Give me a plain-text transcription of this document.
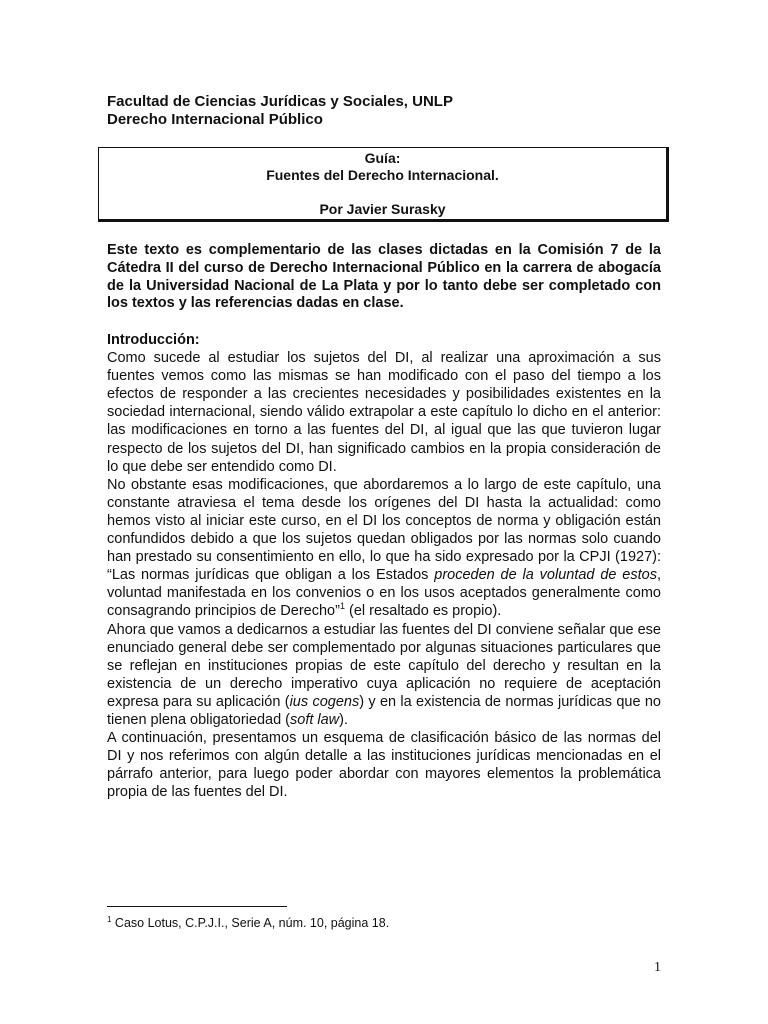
Facultad de Ciencias Jurídicas y Sociales, UNLP
Derecho Internacional Público
Guía:
Fuentes del Derecho Internacional.
Por Javier Surasky
Este texto es complementario de las clases dictadas en la Comisión 7 de la Cátedra II del curso de Derecho Internacional Público en la carrera de abogacía de la Universidad Nacional de La Plata y por lo tanto debe ser completado con los textos y las referencias dadas en clase.
Introducción:

Como sucede al estudiar los sujetos del DI, al realizar una aproximación a sus fuentes vemos como las mismas se han modificado con el paso del tiempo a los efectos de responder a las crecientes necesidades y posibilidades existentes en la sociedad internacional, siendo válido extrapolar a este capítulo lo dicho en el anterior: las modificaciones en torno a las fuentes del DI, al igual que las que tuvieron lugar respecto de los sujetos del DI, han significado cambios en la propia consideración de lo que debe ser entendido como DI.

No obstante esas modificaciones, que abordaremos a lo largo de este capítulo, una constante atraviesa el tema desde los orígenes del DI hasta la actualidad: como hemos visto al iniciar este curso, en el DI los conceptos de norma y obligación están confundidos debido a que los sujetos quedan obligados por las normas solo cuando han prestado su consentimiento en ello, lo que ha sido expresado por la CPJI (1927): “Las normas jurídicas que obligan a los Estados proceden de la voluntad de estos, voluntad manifestada en los convenios o en los usos aceptados generalmente como consagrando principios de Derecho”$^1$ (el resaltado es propio).

Ahora que vamos a dedicarnos a estudiar las fuentes del DI conviene señalar que ese enunciado general debe ser complementado por algunas situaciones particulares que se reflejan en instituciones propias de este capítulo del derecho y resultan en la existencia de un derecho imperativo cuya aplicación no requiere de aceptación expresa para su aplicación (ius cogens) y en la existencia de normas jurídicas que no tienen plena obligatoriedad (soft law).

A continuación, presentamos un esquema de clasificación básico de las normas del DI y nos referimos con algún detalle a las instituciones jurídicas mencionadas en el párrafo anterior, para luego poder abordar con mayores elementos la problemática propia de las fuentes del DI.

$^1$ Caso Lotus, C.P.J.I., Serie A, núm. 10, página 18.
1
